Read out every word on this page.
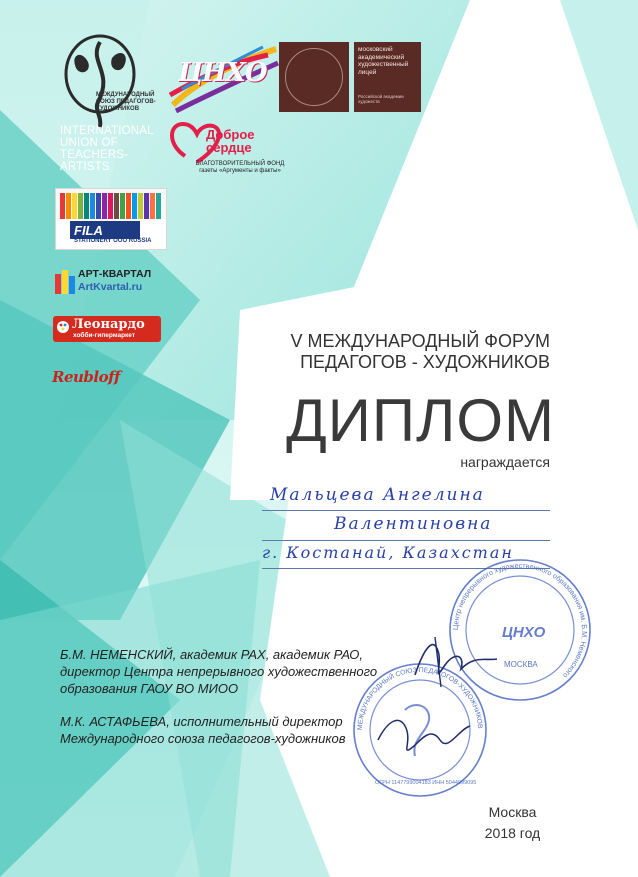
МЕЖДУНАРОДНЫЙ СОЮЗ ПЕДАГОГОВ-ХУДОЖНИКОВ
INTERNATIONAL UNION OF TEACHERS-ARTISTS
ЦНХО
Доброе сердце
БЛАГОТВОРИТЕЛЬНЫЙ ФОНД газеты «Аргументы и факты»
московский академический художественный лицей
Российской академии художеств
FILA
STATIONERY ООО RUSSIA
АРТ-КВАРТАЛ
ArtKvartal.ru
Леонардо
хобби-гипермаркет
Reubloff
V МЕЖДУНАРОДНЫЙ ФОРУМ
ПЕДАГОГОВ - ХУДОЖНИКОВ
ДИПЛОМ
награждается
Мальцева Ангелина
Валентиновна
г. Костанай, Казахстан
Центр непрерывного художественного образования им. Б.М. Неменского
ЦНХО
МОСКВА
МЕЖДУНАРОДНЫЙ СОЮЗ ПЕДАГОГОВ-ХУДОЖНИКОВ
ОГРН 1147799004183 ИНН 5044999095
Б.М. НЕМЕНСКИЙ, академик РАХ, академик РАО, директор Центра непрерывного художественного образования ГАОУ ВО МИОО
М.К. АСТАФЬЕВА, исполнительный директор Международного союза педагогов-художников
Москва
2018 год
